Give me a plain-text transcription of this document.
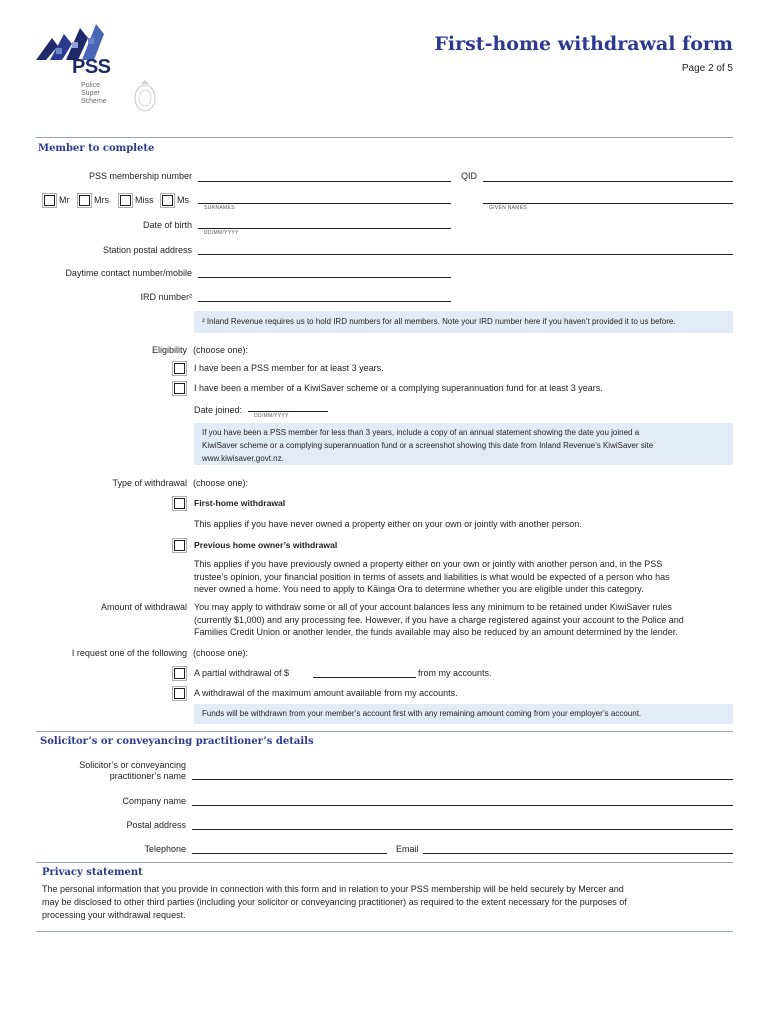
PSS
Police
Super
Scheme
First-home withdrawal form
Page 2 of 5
Member to complete
PSS membership number	QID
Mr	Mrs	Miss	Ms
SURNAMES	GIVEN NAMES
Date of birth
DD/MM/YYYY
Station postal address
Daytime contact number/mobile
IRD number²
² Inland Revenue requires us to hold IRD numbers for all members. Note your IRD number here if you haven’t provided it to us before.
Eligibility (choose one):
I have been a PSS member for at least 3 years.
I have been a member of a KiwiSaver scheme or a complying superannuation fund for at least 3 years.
Date joined:
DD/MM/YYYY
If you have been a PSS member for less than 3 years, include a copy of an annual statement showing the date you joined a
KiwiSaver scheme or a complying superannuation fund or a screenshot showing this date from Inland Revenue’s KiwiSaver site
www.kiwisaver.govt.nz.
Type of withdrawal (choose one):
First-home withdrawal
This applies if you have never owned a property either on your own or jointly with another person.
Previous home owner’s withdrawal
This applies if you have previously owned a property either on your own or jointly with another person and, in the PSS
trustee’s opinion, your financial position in terms of assets and liabilities is what would be expected of a person who has
never owned a home. You need to apply to Kāinga Ora to determine whether you are eligible under this category.
Amount of withdrawal You may apply to withdraw some or all of your account balances less any minimum to be retained under KiwiSaver rules
(currently $1,000) and any processing fee. However, if you have a charge registered against your account to the Police and
Families Credit Union or another lender, the funds available may also be reduced by an amount determined by the lender.
I request one of the following (choose one):
A partial withdrawal of $	from my accounts.
A withdrawal of the maximum amount available from my accounts.
Funds will be withdrawn from your member’s account first with any remaining amount coming from your employer’s account.
Solicitor’s or conveyancing practitioner’s details
Solicitor’s or conveyancing
practitioner’s name
Company name
Postal address
Telephone	Email
Privacy statement
The personal information that you provide in connection with this form and in relation to your PSS membership will be held securely by Mercer and
may be disclosed to other third parties (including your solicitor or conveyancing practitioner) as required to the extent necessary for the purposes of
processing your withdrawal request.
